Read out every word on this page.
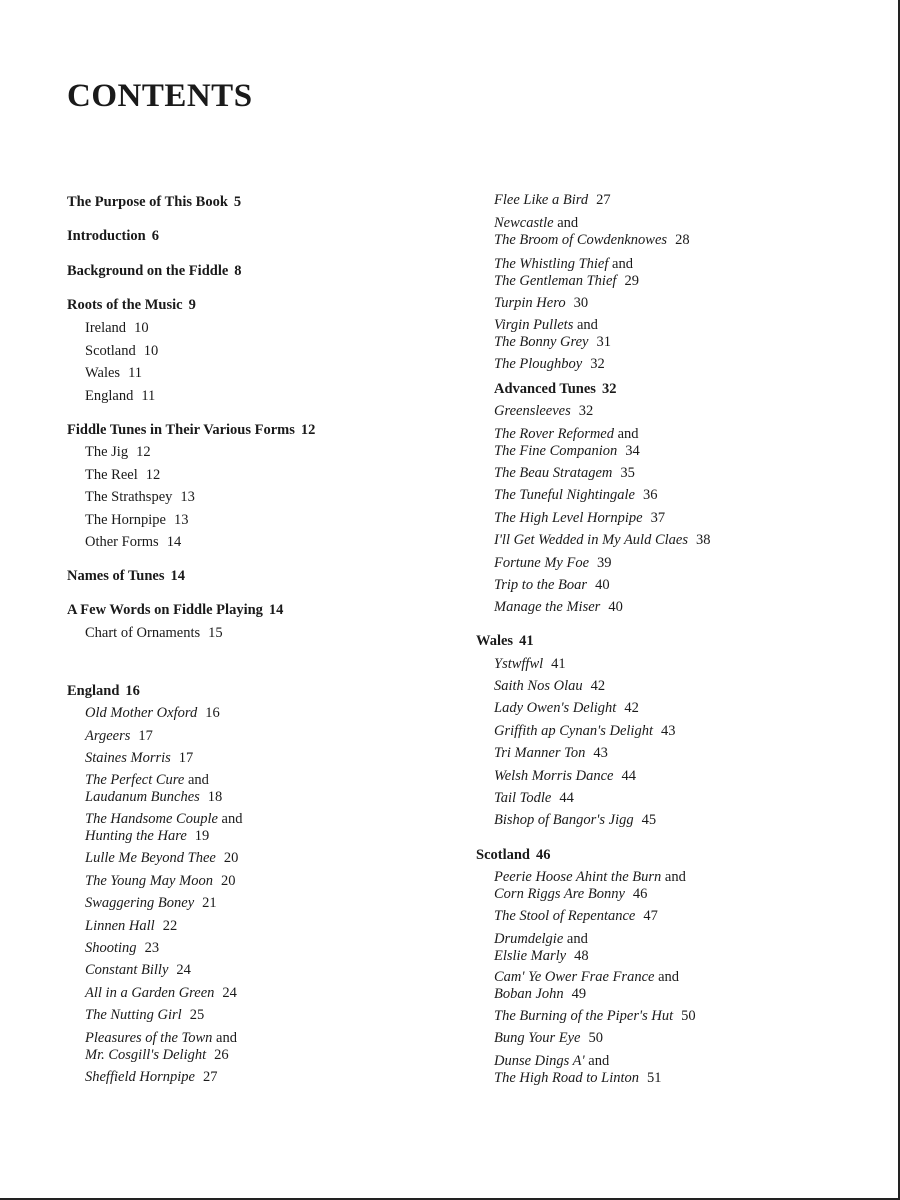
CONTENTS
The Purpose of This Book 5
Introduction 6
Background on the Fiddle 8
Roots of the Music 9
Ireland 10
Scotland 10
Wales 11
England 11
Fiddle Tunes in Their Various Forms 12
The Jig 12
The Reel 12
The Strathspey 13
The Hornpipe 13
Other Forms 14
Names of Tunes 14
A Few Words on Fiddle Playing 14
Chart of Ornaments 15
England 16
Old Mother Oxford 16
Argeers 17
Staines Morris 17
The Perfect Cure and
Laudanum Bunches 18
The Handsome Couple and
Hunting the Hare 19
Lulle Me Beyond Thee 20
The Young May Moon 20
Swaggering Boney 21
Linnen Hall 22
Shooting 23
Constant Billy 24
All in a Garden Green 24
The Nutting Girl 25
Pleasures of the Town and
Mr. Cosgill's Delight 26
Sheffield Hornpipe 27
Flee Like a Bird 27
Newcastle and
The Broom of Cowdenknowes 28
The Whistling Thief and
The Gentleman Thief 29
Turpin Hero 30
Virgin Pullets and
The Bonny Grey 31
The Ploughboy 32
Advanced Tunes 32
Greensleeves 32
The Rover Reformed and
The Fine Companion 34
The Beau Stratagem 35
The Tuneful Nightingale 36
The High Level Hornpipe 37
I'll Get Wedded in My Auld Claes 38
Fortune My Foe 39
Trip to the Boar 40
Manage the Miser 40
Wales 41
Ystwffwl 41
Saith Nos Olau 42
Lady Owen's Delight 42
Griffith ap Cynan's Delight 43
Tri Manner Ton 43
Welsh Morris Dance 44
Tail Todle 44
Bishop of Bangor's Jigg 45
Scotland 46
Peerie Hoose Ahint the Burn and
Corn Riggs Are Bonny 46
The Stool of Repentance 47
Drumdelgie and
Elslie Marly 48
Cam' Ye Ower Frae France and
Boban John 49
The Burning of the Piper's Hut 50
Bung Your Eye 50
Dunse Dings A' and
The High Road to Linton 51
